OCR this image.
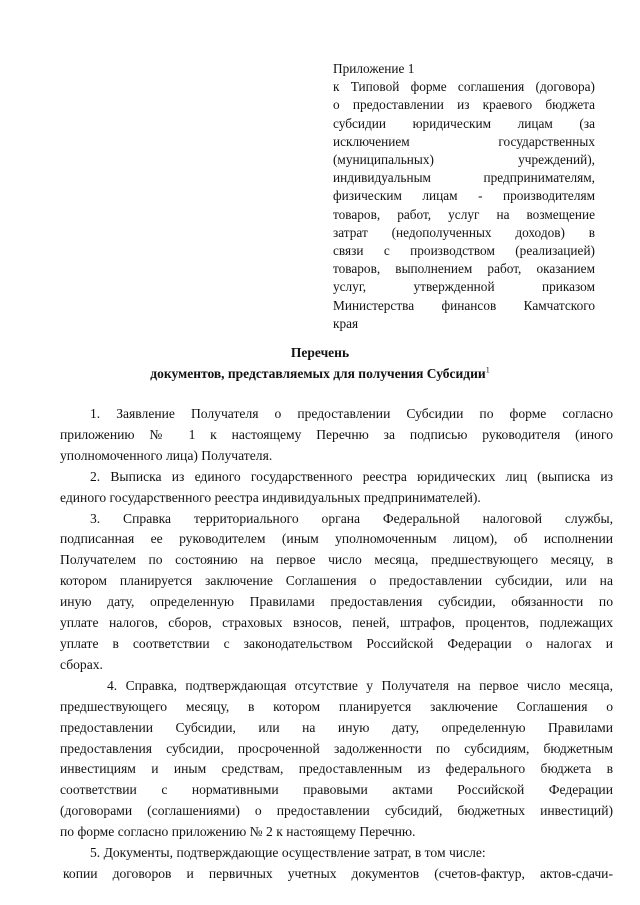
Приложение 1
к Типовой форме соглашения (договора)
о предоставлении из краевого бюджета
субсидии юридическим лицам (за
исключением государственных
(муниципальных) учреждений),
индивидуальным предпринимателям,
физическим лицам - производителям
товаров, работ, услуг на возмещение
затрат (недополученных доходов) в
связи с производством (реализацией)
товаров, выполнением работ, оказанием
услуг, утвержденной приказом
Министерства финансов Камчатского
края
Перечень
документов, представляемых для получения Субсидии$^1$
1. Заявление Получателя о предоставлении Субсидии по форме согласно
приложению № 1 к настоящему Перечню за подписью руководителя (иного
уполномоченного лица) Получателя.
2. Выписка из единого государственного реестра юридических лиц (выписка из
единого государственного реестра индивидуальных предпринимателей).
3. Справка территориального органа Федеральной налоговой службы,
подписанная ее руководителем (иным уполномоченным лицом), об исполнении
Получателем по состоянию на первое число месяца, предшествующего месяцу, в
котором планируется заключение Соглашения о предоставлении субсидии, или на
иную дату, определенную Правилами предоставления субсидии, обязанности по
уплате налогов, сборов, страховых взносов, пеней, штрафов, процентов, подлежащих
уплате в соответствии с законодательством Российской Федерации о налогах и
сборах.
4. Справка, подтверждающая отсутствие у Получателя на первое число месяца,
предшествующего месяцу, в котором планируется заключение Соглашения о
предоставлении Субсидии, или на иную дату, определенную Правилами
предоставления субсидии, просроченной задолженности по субсидиям, бюджетным
инвестициям и иным средствам, предоставленным из федерального бюджета в
соответствии с нормативными правовыми актами Российской Федерации
(договорами (соглашениями) о предоставлении субсидий, бюджетных инвестиций)
по форме согласно приложению № 2 к настоящему Перечню.
5. Документы, подтверждающие осуществление затрат, в том числе:
копии договоров и первичных учетных документов (счетов-фактур, актов-сдачи-
